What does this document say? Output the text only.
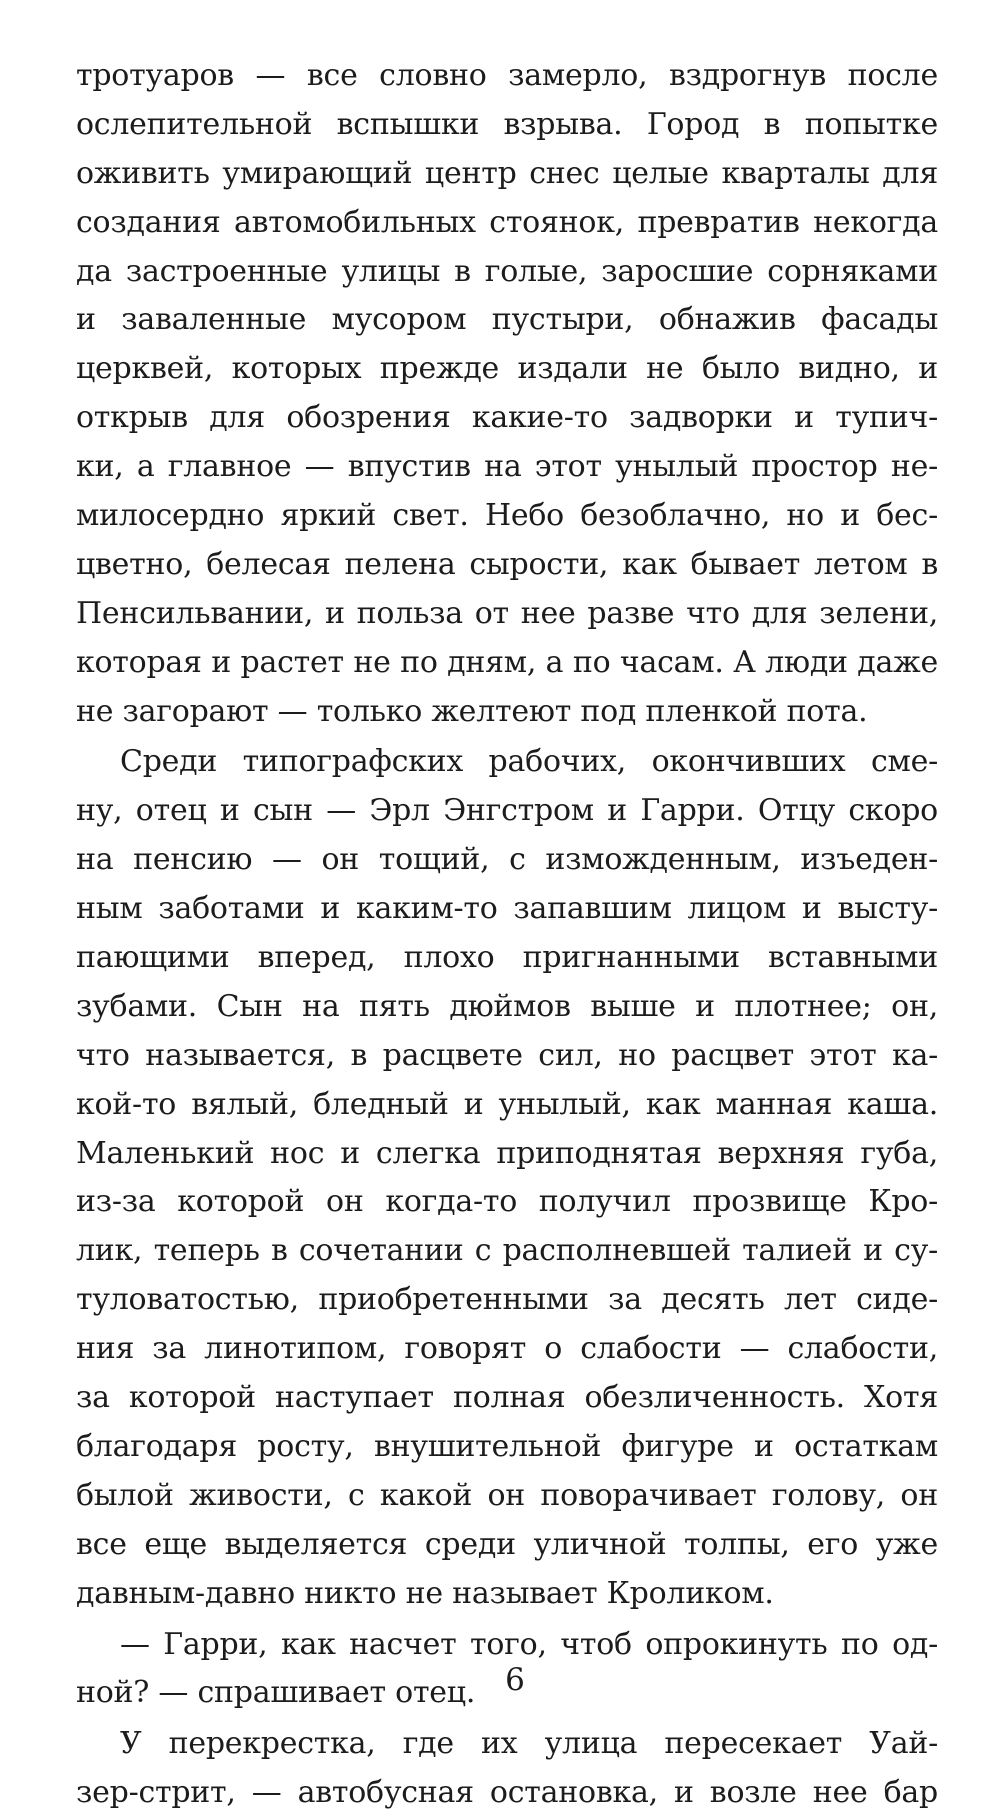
тротуаров — все словно замерло, вздрогнув после
ослепительной вспышки взрыва. Город в попытке
оживить умирающий центр снес целые кварталы для
создания автомобильных стоянок, превратив некогда
да застроенные улицы в голые, заросшие сорняками
и заваленные мусором пустыри, обнажив фасады
церквей, которых прежде издали не было видно, и
открыв для обозрения какие-то задворки и тупич-
ки, а главное — впустив на этот унылый простор не-
милосердно яркий свет. Небо безоблачно, но и бес-
цветно, белесая пелена сырости, как бывает летом в
Пенсильвании, и польза от нее разве что для зелени,
которая и растет не по дням, а по часам. А люди даже
не загорают — только желтеют под пленкой пота.
Среди типографских рабочих, окончивших сме-
ну, отец и сын — Эрл Энгстром и Гарри. Отцу скоро
на пенсию — он тощий, с изможденным, изъеден-
ным заботами и каким-то запавшим лицом и высту-
пающими вперед, плохо пригнанными вставными
зубами. Сын на пять дюймов выше и плотнее; он,
что называется, в расцвете сил, но расцвет этот ка-
кой-то вялый, бледный и унылый, как манная каша.
Маленький нос и слегка приподнятая верхняя губа,
из-за которой он когда-то получил прозвище Кро-
лик, теперь в сочетании с располневшей талией и су-
туловатостью, приобретенными за десять лет сиде-
ния за линотипом, говорят о слабости — слабости,
за которой наступает полная обезличенность. Хотя
благодаря росту, внушительной фигуре и остаткам
былой живости, с какой он поворачивает голову, он
все еще выделяется среди уличной толпы, его уже
давным-давно никто не называет Кроликом.
— Гарри, как насчет того, чтоб опрокинуть по од-
ной? — спрашивает отец.
У перекрестка, где их улица пересекает Уай-
зер-стрит, — автобусная остановка, и возле нее бар
6
